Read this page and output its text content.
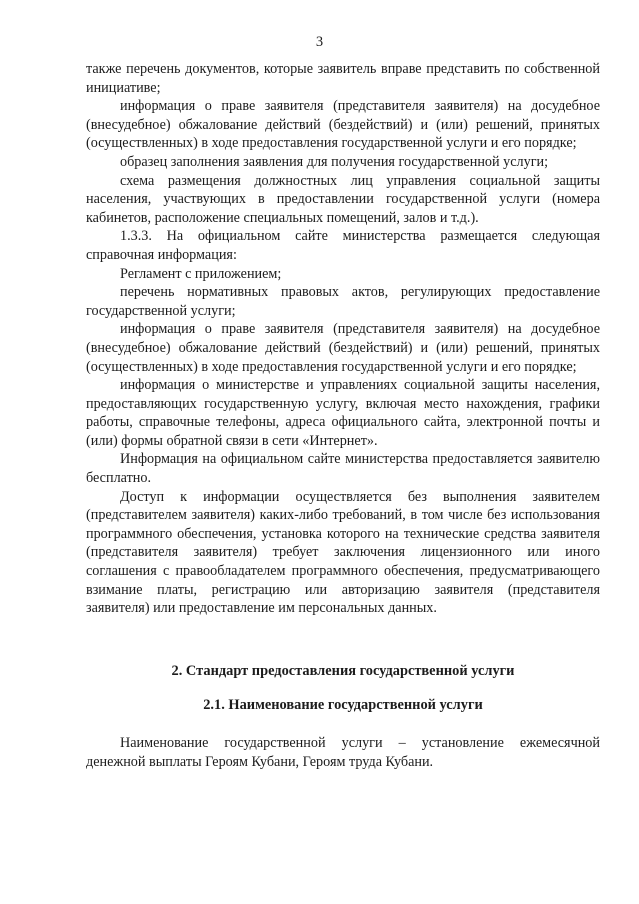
3

также перечень документов, которые заявитель вправе представить по собственной инициативе;

информация о праве заявителя (представителя заявителя) на досудебное (внесудебное) обжалование действий (бездействий) и (или) решений, принятых (осуществленных) в ходе предоставления государственной услуги и его порядке;

образец заполнения заявления для получения государственной услуги;

схема размещения должностных лиц управления социальной защиты населения, участвующих в предоставлении государственной услуги (номера кабинетов, расположение специальных помещений, залов и т.д.).

1.3.3. На официальном сайте министерства размещается следующая справочная информация:

Регламент с приложением;

перечень нормативных правовых актов, регулирующих предоставление государственной услуги;

информация о праве заявителя (представителя заявителя) на досудебное (внесудебное) обжалование действий (бездействий) и (или) решений, принятых (осуществленных) в ходе предоставления государственной услуги и его порядке;

информация о министерстве и управлениях социальной защиты населения, предоставляющих государственную услугу, включая место нахождения, графики работы, справочные телефоны, адреса официального сайта, электронной почты и (или) формы обратной связи в сети «Интернет».

Информация на официальном сайте министерства предоставляется заявителю бесплатно.

Доступ к информации осуществляется без выполнения заявителем (представителем заявителя) каких-либо требований, в том числе без использования программного обеспечения, установка которого на технические средства заявителя (представителя заявителя) требует заключения лицензионного или иного соглашения с правообладателем программного обеспечения, предусматривающего взимание платы, регистрацию или авторизацию заявителя (представителя заявителя) или предоставление им персональных данных.

2. Стандарт предоставления государственной услуги
2.1. Наименование государственной услуги

Наименование государственной услуги – установление ежемесячной денежной выплаты Героям Кубани, Героям труда Кубани.
